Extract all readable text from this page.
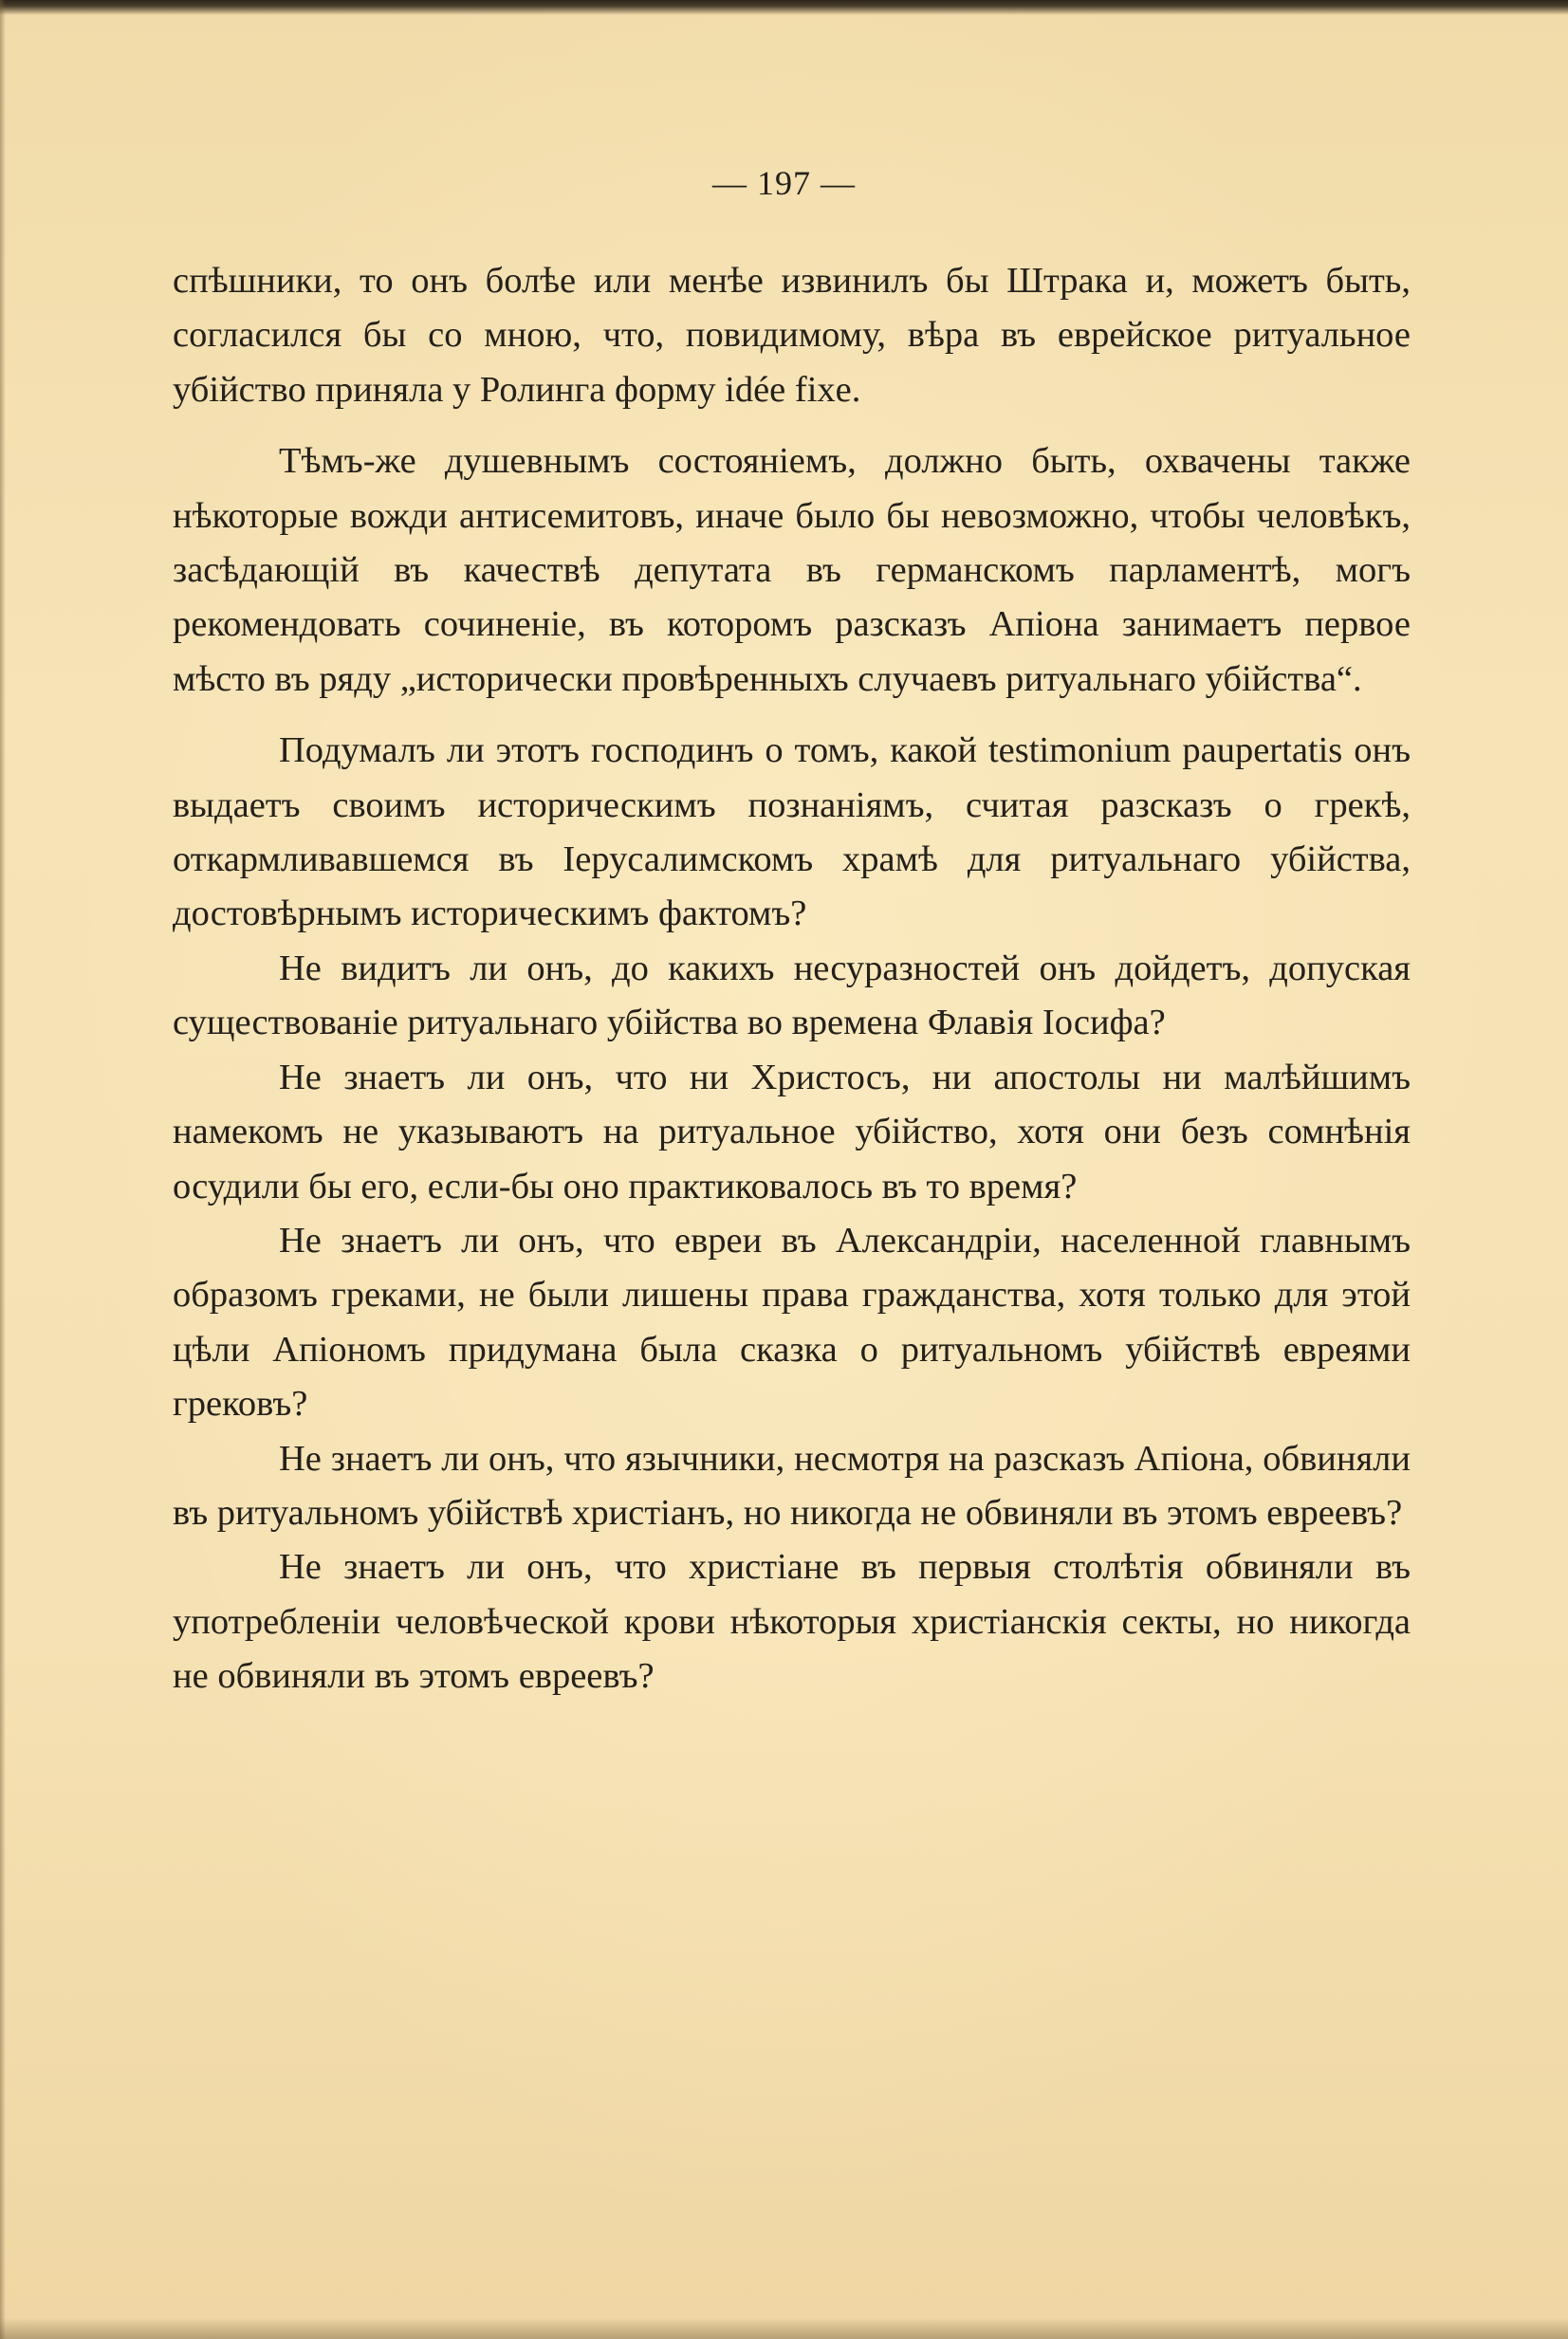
— 197 —

спѣшники, то онъ болѣе или менѣе извинилъ бы Штрака и, можетъ быть, согласился бы со мною, что, повидимому, вѣра въ еврейское ритуальное убійство приняла у Ролинга форму idée fixe.

Тѣмъ-же душевнымъ состояніемъ, должно быть, охвачены также нѣкоторые вожди антисемитовъ, иначе было бы невозможно, чтобы человѣкъ, засѣдающій въ качествѣ депутата въ германскомъ парламентѣ, могъ рекомендовать сочиненіе, въ которомъ разсказъ Апіона занимаетъ первое мѣсто въ ряду „исторически провѣренныхъ случаевъ ритуальнаго убійства“.

Подумалъ ли этотъ господинъ о томъ, какой testimonium paupertatis онъ выдаетъ своимъ историческимъ познаніямъ, считая разсказъ о грекѣ, откармливавшемся въ Іерусалимскомъ храмѣ для ритуальнаго убійства, достовѣрнымъ историческимъ фактомъ?

Не видитъ ли онъ, до какихъ несуразностей онъ дойдетъ, допуская существованіе ритуальнаго убійства во времена Флавія Іосифа?

Не знаетъ ли онъ, что ни Христосъ, ни апостолы ни малѣйшимъ намекомъ не указываютъ на ритуальное убійство, хотя они безъ сомнѣнія осудили бы его, если-бы оно практиковалось въ то время?

Не знаетъ ли онъ, что евреи въ Александріи, населенной главнымъ образомъ греками, не были лишены права гражданства, хотя только для этой цѣли Апіономъ придумана была сказка о ритуальномъ убійствѣ евреями грековъ?

Не знаетъ ли онъ, что язычники, несмотря на разсказъ Апіона, обвиняли въ ритуальномъ убійствѣ христіанъ, но никогда не обвиняли въ этомъ евреевъ?

Не знаетъ ли онъ, что христіане въ первыя столѣтія обвиняли въ употребленіи человѣческой крови нѣкоторыя христіанскія секты, но никогда не обвиняли въ этомъ евреевъ?
